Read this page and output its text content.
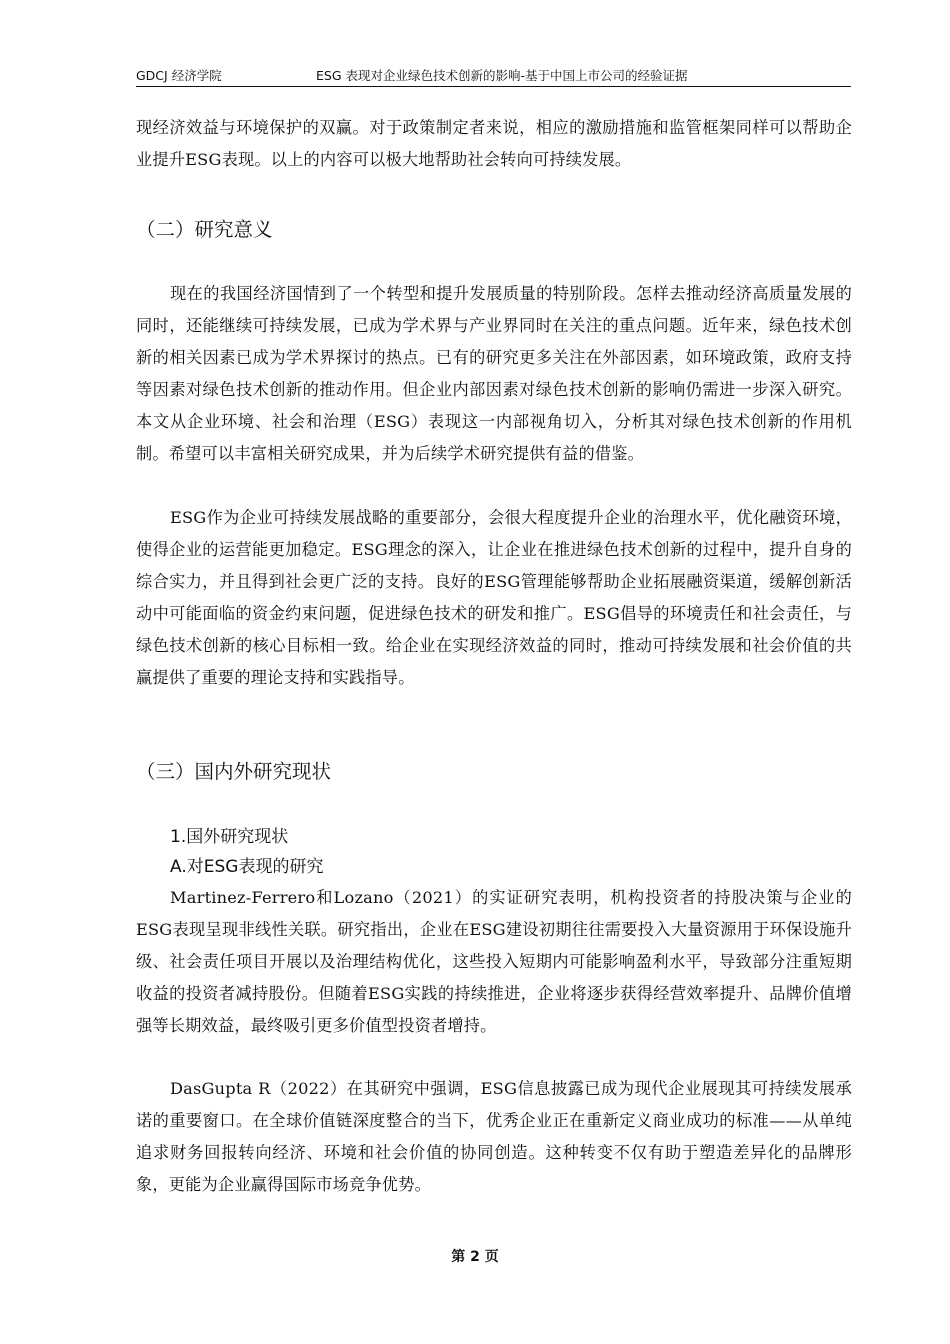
GDCJ 经济学院	ESG 表现对企业绿色技术创新的影响-基于中国上市公司的经验证据
现经济效益与环境保护的双赢。对于政策制定者来说，相应的激励措施和监管框架同样可以帮助企业提升ESG表现。以上的内容可以极大地帮助社会转向可持续发展。
（二）研究意义
现在的我国经济国情到了一个转型和提升发展质量的特别阶段。怎样去推动经济高质量发展的同时，还能继续可持续发展，已成为学术界与产业界同时在关注的重点问题。近年来，绿色技术创新的相关因素已成为学术界探讨的热点。已有的研究更多关注在外部因素，如环境政策，政府支持等因素对绿色技术创新的推动作用。但企业内部因素对绿色技术创新的影响仍需进一步深入研究。本文从企业环境、社会和治理（ESG）表现这一内部视角切入，分析其对绿色技术创新的作用机制。希望可以丰富相关研究成果，并为后续学术研究提供有益的借鉴。
ESG作为企业可持续发展战略的重要部分，会很大程度提升企业的治理水平，优化融资环境，使得企业的运营能更加稳定。ESG理念的深入，让企业在推进绿色技术创新的过程中，提升自身的综合实力，并且得到社会更广泛的支持。良好的ESG管理能够帮助企业拓展融资渠道，缓解创新活动中可能面临的资金约束问题，促进绿色技术的研发和推广。ESG倡导的环境责任和社会责任，与绿色技术创新的核心目标相一致。给企业在实现经济效益的同时，推动可持续发展和社会价值的共赢提供了重要的理论支持和实践指导。
（三）国内外研究现状
1.国外研究现状
A.对ESG表现的研究
Martinez-Ferrero和Lozano（2021）的实证研究表明，机构投资者的持股决策与企业的ESG表现呈现非线性关联。研究指出，企业在ESG建设初期往往需要投入大量资源用于环保设施升级、社会责任项目开展以及治理结构优化，这些投入短期内可能影响盈利水平，导致部分注重短期收益的投资者减持股份。但随着ESG实践的持续推进，企业将逐步获得经营效率提升、品牌价值增强等长期效益，最终吸引更多价值型投资者增持。
DasGupta R（2022）在其研究中强调，ESG信息披露已成为现代企业展现其可持续发展承诺的重要窗口。在全球价值链深度整合的当下，优秀企业正在重新定义商业成功的标准——从单纯追求财务回报转向经济、环境和社会价值的协同创造。这种转变不仅有助于塑造差异化的品牌形象，更能为企业赢得国际市场竞争优势。
第 2 页
